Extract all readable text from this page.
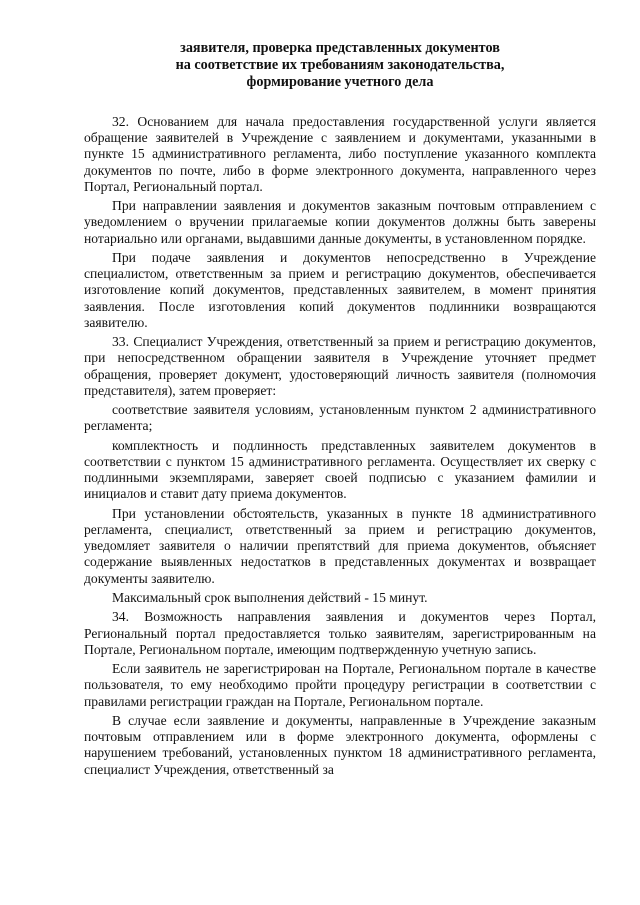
заявителя, проверка представленных документов
на соответствие их требованиям законодательства,
формирование учетного дела

32. Основанием для начала предоставления государственной услуги является обращение заявителей в Учреждение с заявлением и документами, указанными в пункте 15 административного регламента, либо поступление указанного комплекта документов по почте, либо в форме электронного документа, направленного через Портал, Региональный портал.

При направлении заявления и документов заказным почтовым отправлением с уведомлением о вручении прилагаемые копии документов должны быть заверены нотариально или органами, выдавшими данные документы, в установленном порядке.

При подаче заявления и документов непосредственно в Учреждение специалистом, ответственным за прием и регистрацию документов, обеспечивается изготовление копий документов, представленных заявителем, в момент принятия заявления. После изготовления копий документов подлинники возвращаются заявителю.

33. Специалист Учреждения, ответственный за прием и регистрацию документов, при непосредственном обращении заявителя в Учреждение уточняет предмет обращения, проверяет документ, удостоверяющий личность заявителя (полномочия представителя), затем проверяет:

соответствие заявителя условиям, установленным пунктом 2 административного регламента;

комплектность и подлинность представленных заявителем документов в соответствии с пунктом 15 административного регламента. Осуществляет их сверку с подлинными экземплярами, заверяет своей подписью с указанием фамилии и инициалов и ставит дату приема документов.

При установлении обстоятельств, указанных в пункте 18 административного регламента, специалист, ответственный за прием и регистрацию документов, уведомляет заявителя о наличии препятствий для приема документов, объясняет содержание выявленных недостатков в представленных документах и возвращает документы заявителю.

Максимальный срок выполнения действий - 15 минут.

34. Возможность направления заявления и документов через Портал, Региональный портал предоставляется только заявителям, зарегистрированным на Портале, Региональном портале, имеющим подтвержденную учетную запись.

Если заявитель не зарегистрирован на Портале, Региональном портале в качестве пользователя, то ему необходимо пройти процедуру регистрации в соответствии с правилами регистрации граждан на Портале, Региональном портале.

В случае если заявление и документы, направленные в Учреждение заказным почтовым отправлением или в форме электронного документа, оформлены с нарушением требований, установленных пунктом 18 административного регламента, специалист Учреждения, ответственный за
